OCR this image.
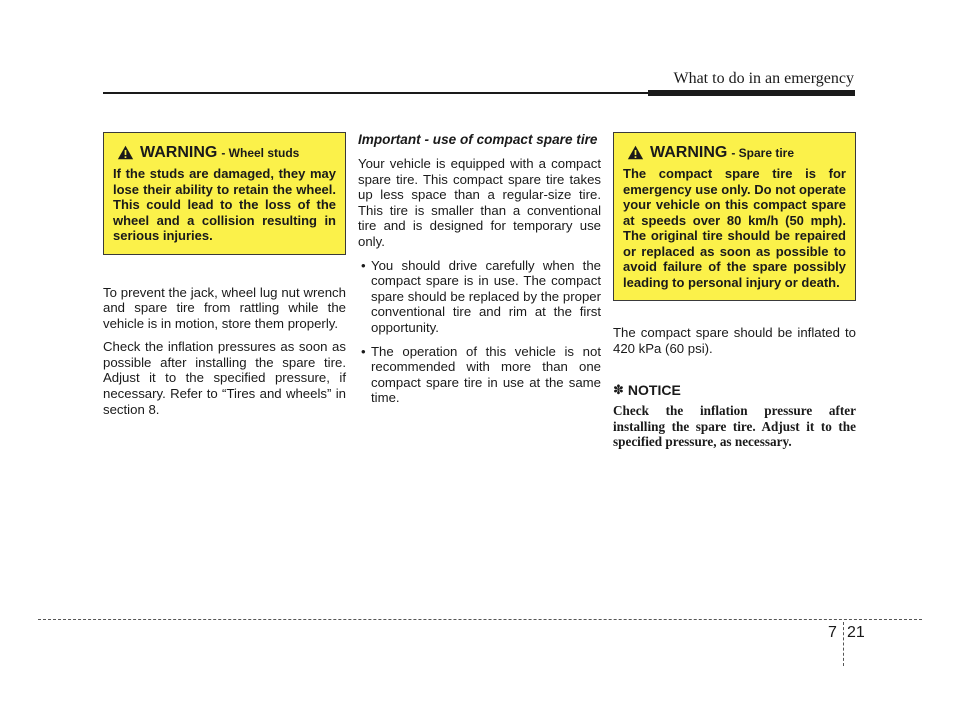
What to do in an emergency
WARNING - Wheel studs
If the studs are damaged, they may lose their ability to retain the wheel. This could lead to the loss of the wheel and a collision resulting in serious injuries.

To prevent the jack, wheel lug nut wrench and spare tire from rattling while the vehicle is in motion, store them properly.

Check the inflation pressures as soon as possible after installing the spare tire. Adjust it to the specified pressure, if necessary. Refer to “Tires and wheels” in section 8.

Important - use of compact spare tire

Your vehicle is equipped with a compact spare tire. This compact spare tire takes up less space than a regular-size tire. This tire is smaller than a conventional tire and is designed for temporary use only.

• You should drive carefully when the compact spare is in use. The compact spare should be replaced by the proper conventional tire and rim at the first opportunity.
• The operation of this vehicle is not recommended with more than one compact spare tire in use at the same time.
WARNING - Spare tire
The compact spare tire is for emergency use only. Do not operate your vehicle on this compact spare at speeds over 80 km/h (50 mph). The original tire should be repaired or replaced as soon as possible to avoid failure of the spare possibly leading to personal injury or death.

The compact spare should be inflated to 420 kPa (60 psi).

✽ NOTICE
Check the inflation pressure after installing the spare tire. Adjust it to the specified pressure, as necessary.
7 21
